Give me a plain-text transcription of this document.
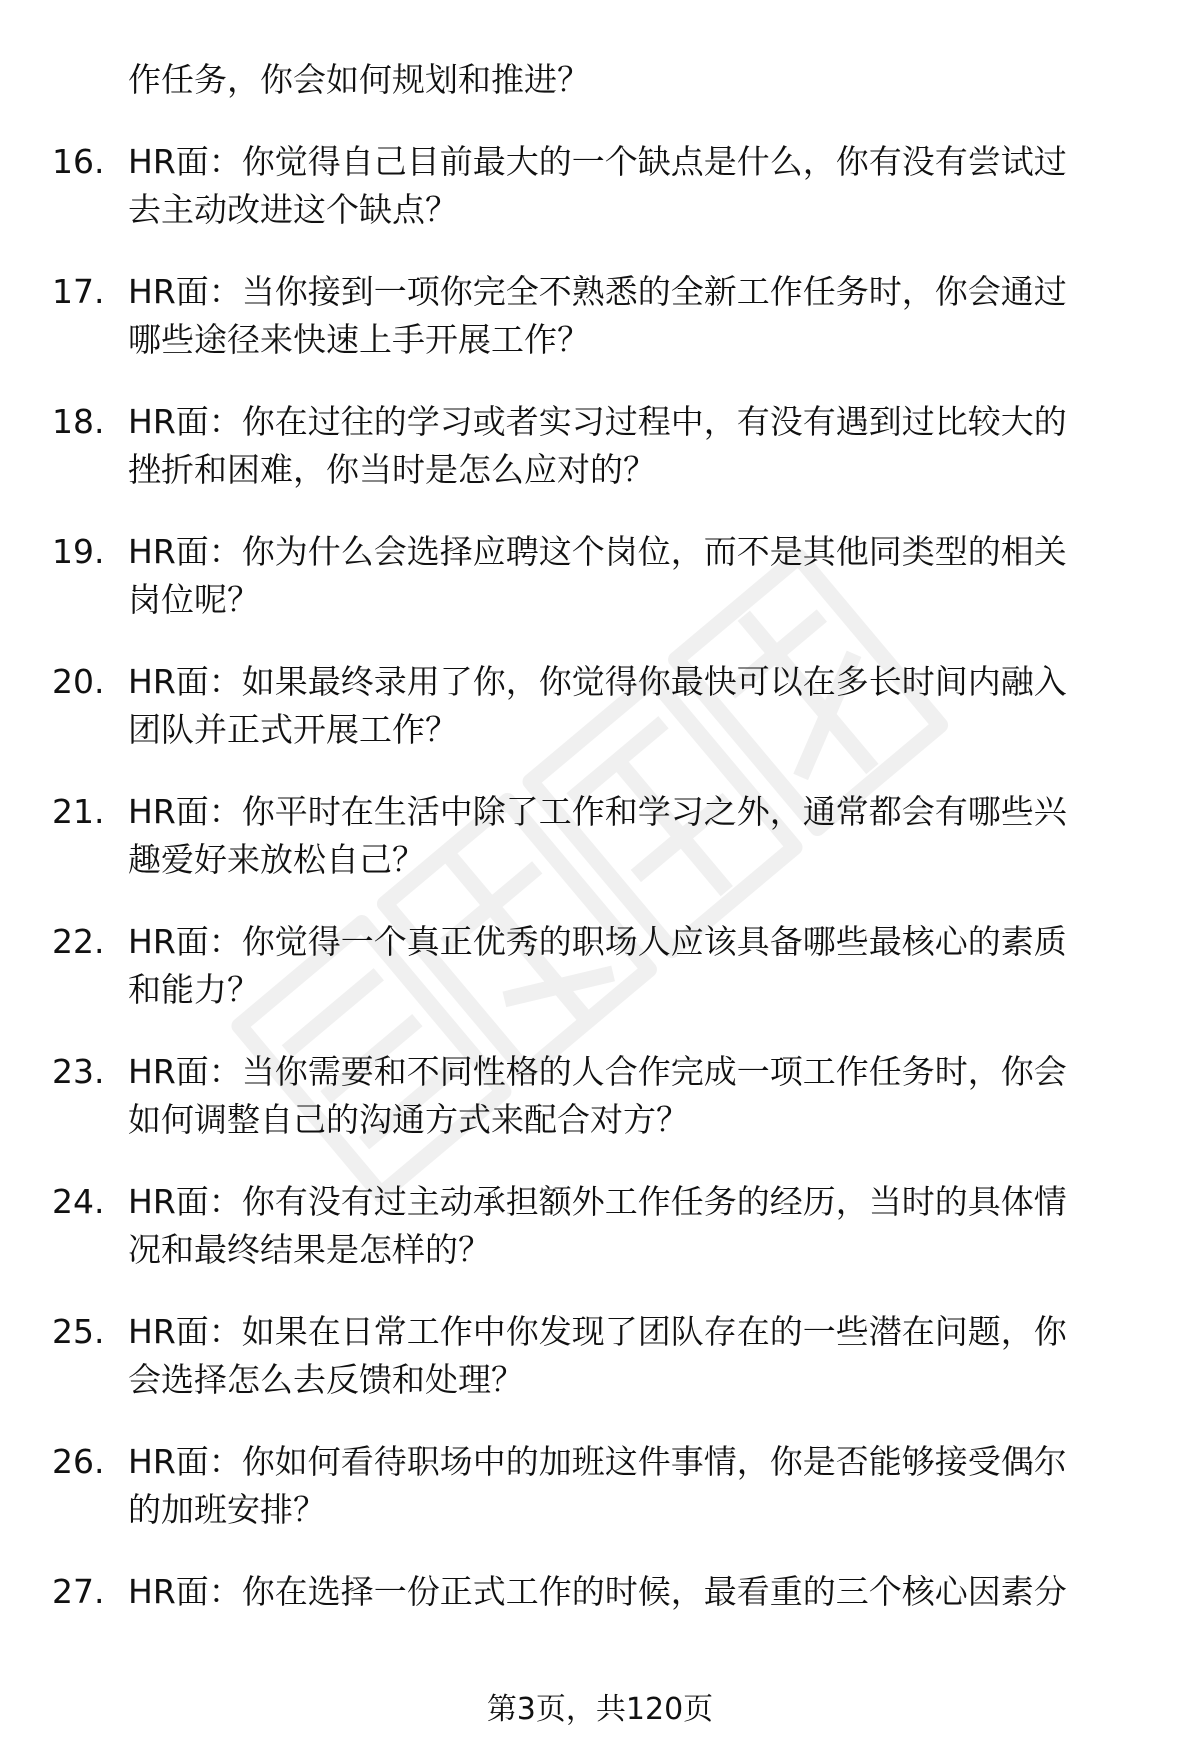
作任务，你会如何规划和推进？
16. HR面：你觉得自己目前最大的一个缺点是什么，你有没有尝试过
去主动改进这个缺点？
17. HR面：当你接到一项你完全不熟悉的全新工作任务时，你会通过
哪些途径来快速上手开展工作？
18. HR面：你在过往的学习或者实习过程中，有没有遇到过比较大的
挫折和困难，你当时是怎么应对的？
19. HR面：你为什么会选择应聘这个岗位，而不是其他同类型的相关
岗位呢？
20. HR面：如果最终录用了你，你觉得你最快可以在多长时间内融入
团队并正式开展工作？
21. HR面：你平时在生活中除了工作和学习之外，通常都会有哪些兴
趣爱好来放松自己？
22. HR面：你觉得一个真正优秀的职场人应该具备哪些最核心的素质
和能力？
23. HR面：当你需要和不同性格的人合作完成一项工作任务时，你会
如何调整自己的沟通方式来配合对方？
24. HR面：你有没有过主动承担额外工作任务的经历，当时的具体情
况和最终结果是怎样的？
25. HR面：如果在日常工作中你发现了团队存在的一些潜在问题，你
会选择怎么去反馈和处理？
26. HR面：你如何看待职场中的加班这件事情，你是否能够接受偶尔
的加班安排？
27. HR面：你在选择一份正式工作的时候，最看重的三个核心因素分
第3页，共120页
